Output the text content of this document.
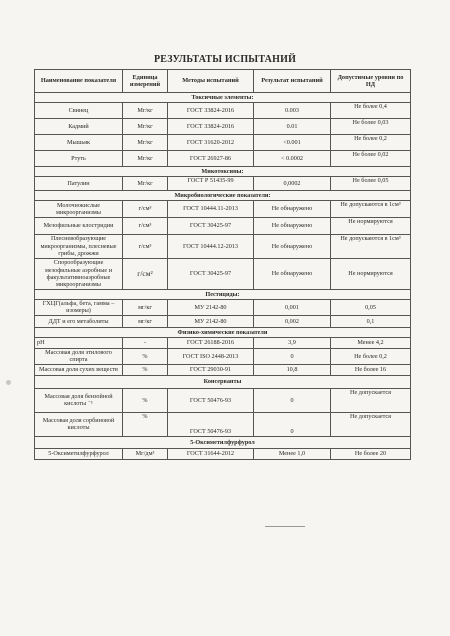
РЕЗУЛЬТАТЫ ИСПЫТАНИЙ
Наименование показателя	Единица измерений	Методы испытаний	Результат испытаний	Допустимые уровни по НД
Токсичные элементы:				
Свинец	Мг/кг	ГОСТ 33824-2016	0.003	Не более 0,4
Кадмий	Мг/кг	ГОСТ 33824-2016	0.01	Не более 0,03
Мышьяк	Мг/кг	ГОСТ 31620-2012	<0.001	Не более 0,2
Ртуть	Мг/кг	ГОСТ 26927-86	< 0.0002	Не более 0,02
Микотоксины:				
Патулин	Мг/кг	ГОСТ Р 51435-99	0,0002	Не более 0,05
Микробиологические показатели:				
Молочнокислые микроорганизмы	г/см³	ГОСТ 10444.11-2013	Не обнаружено	Не допускаются в 1см³
Мезофильные клостридии	г/см³	ГОСТ 30425-97	Не обнаружено	Не нормируются
Плесневобразующие микроорганизмы, плесневые грибы, дрожжи	г/см³	ГОСТ 10444.12-2013	Не обнаружено	Не допускаются в 1см³
Спорообразующие мезофильные аэробные и факультативноаэробные микроорганизмы	г/см²	ГОСТ 30425-97	Не обнаружено	Не нормируются
Пестициды:				
ГХЦГ(альфа, бета, гамма – изомеры)	мг/кг	МУ 2142-80	0,001	0,05
ДДТ и его метаболиты	мг/кг	МУ 2142-80	0,002	0,1
Физико-химические показатели				
pH	-	ГОСТ 26188-2016	3,9	Менее 4,2
Массовая доля этилового спирта	%	ГОСТ ISO 2448-2013	0	Не более 0,2
Массовая доля сухих веществ	%	ГОСТ 29030-91	10,8	Не более 16
Консерванты				
Массовая доля бензойной кислоты ⁻¹	%	ГОСТ 50476-93	0	Не допускается
Массовая доля сорбиновой кислоты	%	ГОСТ 50476-93	0	Не допускается
5-Оксиметилфурфурол				
5-Оксиметилфурфурол	Мг/дм³	ГОСТ 31644-2012	Менее 1,0	Не более 20
